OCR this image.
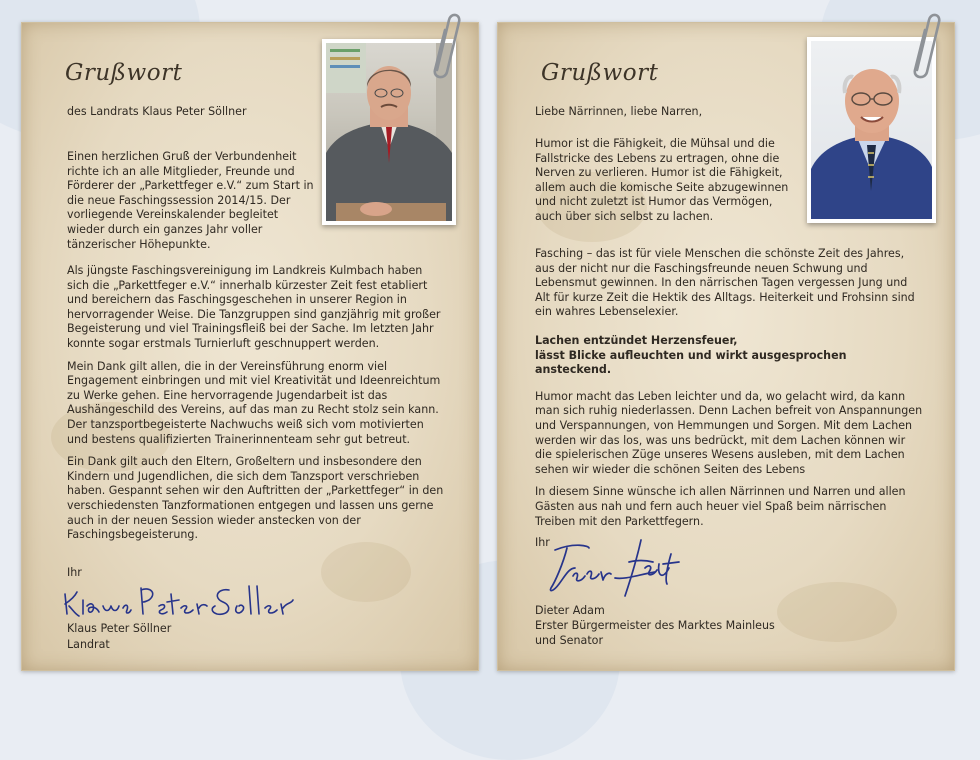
Grußwort
des Landrats Klaus Peter Söllner

Einen herzlichen Gruß der Verbundenheit richte ich an alle Mitglieder, Freunde und Förderer der „Parkettfeger e.V.“ zum Start in die neue Faschingssession 2014/15. Der vorliegende Vereinskalender begleitet wieder durch ein ganzes Jahr voller tänzerischer Höhepunkte.

Als jüngste Faschingsvereinigung im Landkreis Kulmbach haben sich die „Parkettfeger e.V.“ innerhalb kürzester Zeit fest etabliert und bereichern das Faschingsgeschehen in unserer Region in hervorragender Weise. Die Tanzgruppen sind ganzjährig mit großer Begeisterung und viel Trainingsfleiß bei der Sache. Im letzten Jahr konnte sogar erstmals Turnierluft geschnuppert werden.

Mein Dank gilt allen, die in der Vereinsführung enorm viel Engagement einbringen und mit viel Kreativität und Ideenreichtum zu Werke gehen. Eine hervorragende Jugendarbeit ist das Aushängeschild des Vereins, auf das man zu Recht stolz sein kann. Der tanzsportbegeisterte Nachwuchs weiß sich vom motivierten und bestens qualifizierten Trainerinnenteam sehr gut betreut.

Ein Dank gilt auch den Eltern, Großeltern und insbesondere den Kindern und Jugendlichen, die sich dem Tanzsport verschrieben haben. Gespannt sehen wir den Auftritten der „Parkettfeger“ in den verschiedensten Tanzformationen entgegen und lassen uns gerne auch in der neuen Session wieder anstecken von der Faschingsbegeisterung.

Ihr
Klaus Peter Söllner
Landrat
Grußwort
Liebe Närrinnen, liebe Narren,

Humor ist die Fähigkeit, die Mühsal und die Fallstricke des Lebens zu ertragen, ohne die Nerven zu verlieren. Humor ist die Fähigkeit, allem auch die komische Seite abzugewinnen und nicht zuletzt ist Humor das Vermögen, auch über sich selbst zu lachen.

Fasching – das ist für viele Menschen die schönste Zeit des Jahres, aus der nicht nur die Faschingsfreunde neuen Schwung und Lebensmut gewinnen. In den närrischen Tagen vergessen Jung und Alt für kurze Zeit die Hektik des Alltags. Heiterkeit und Frohsinn sind ein wahres Lebenselexier.

Lachen entzündet Herzensfeuer,
lässt Blicke aufleuchten und wirkt ausgesprochen ansteckend.

Humor macht das Leben leichter und da, wo gelacht wird, da kann man sich ruhig niederlassen. Denn Lachen befreit von Anspannungen und Verspannungen, von Hemmungen und Sorgen. Mit dem Lachen werden wir das los, was uns bedrückt, mit dem Lachen können wir die spielerischen Züge unseres Wesens ausleben, mit dem Lachen sehen wir wieder die schönen Seiten des Lebens

In diesem Sinne wünsche ich allen Närrinnen und Narren und allen Gästen aus nah und fern auch heuer viel Spaß beim närrischen Treiben mit den Parkettfegern.

Ihr
Dieter Adam
Erster Bürgermeister des Marktes Mainleus
und Senator
